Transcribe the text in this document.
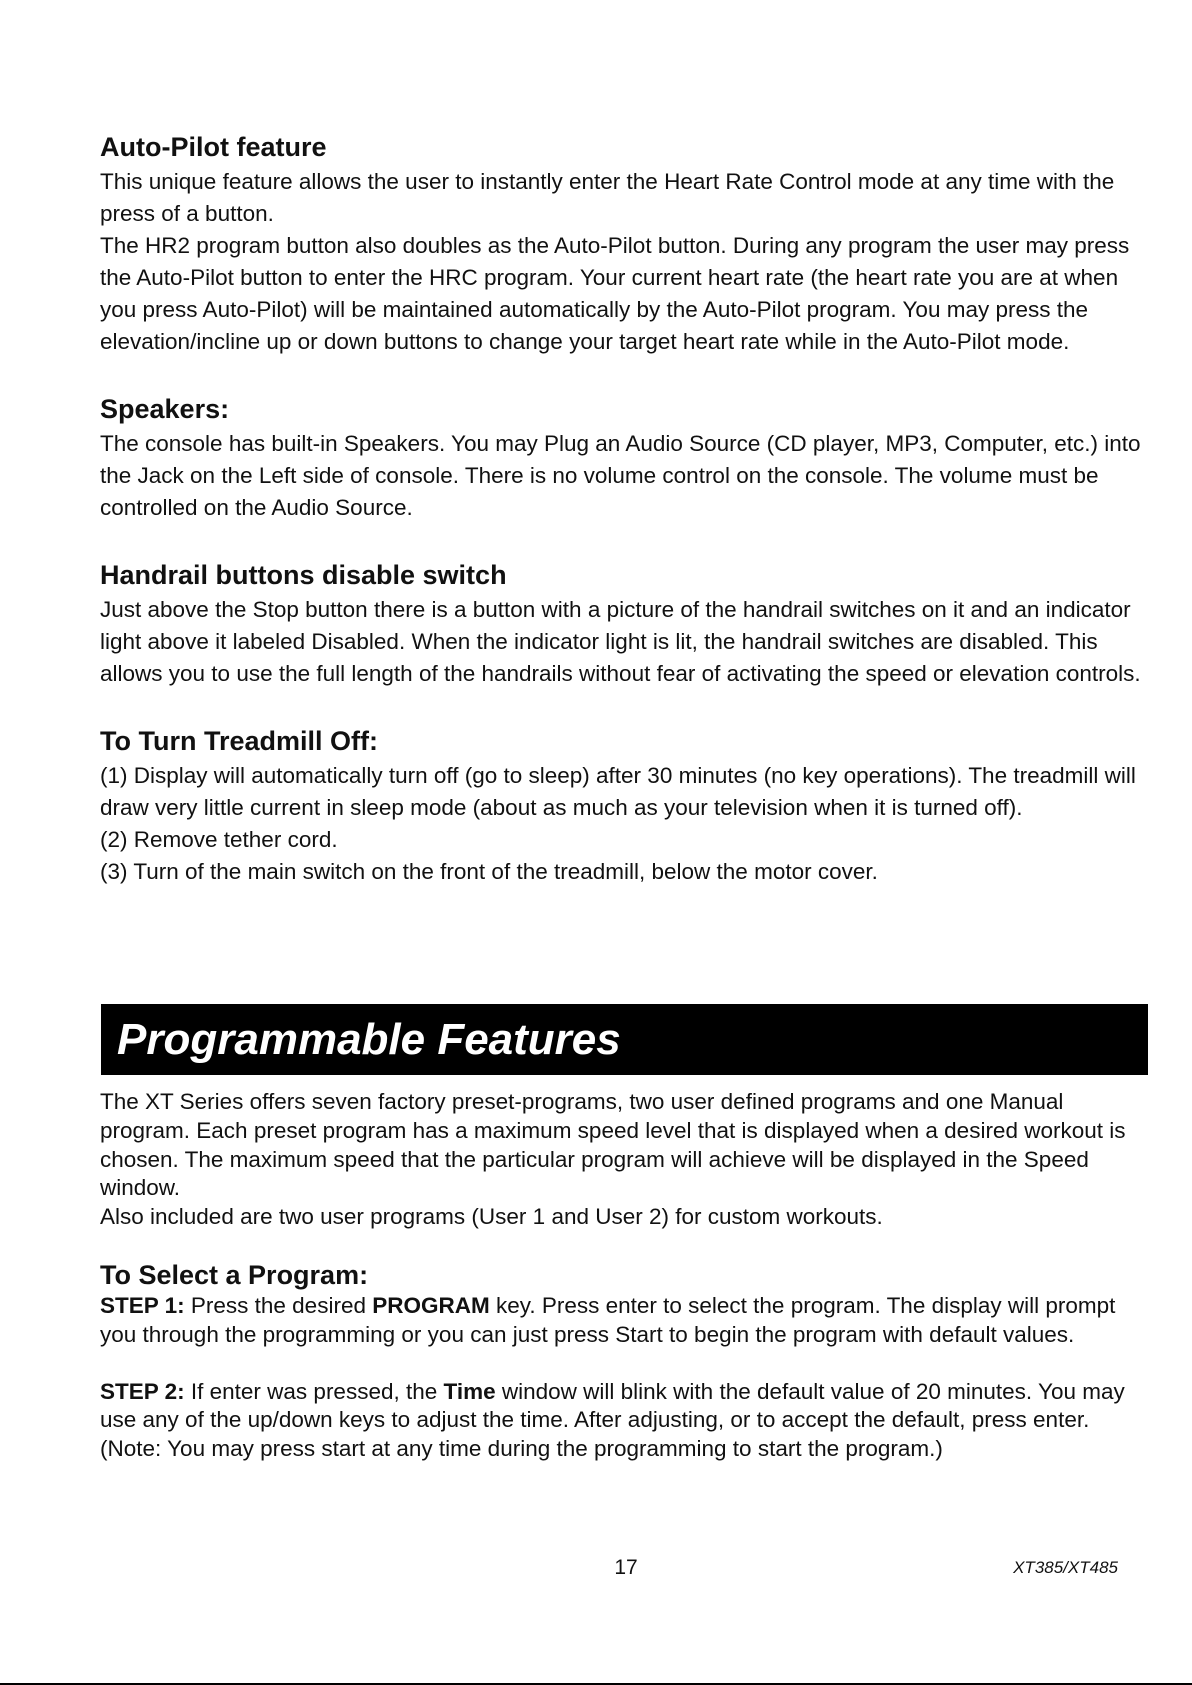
Auto-Pilot feature

This unique feature allows the user to instantly enter the Heart Rate Control mode at any time with the press of a button.

The HR2 program button also doubles as the Auto-Pilot button. During any program the user may press the Auto-Pilot button to enter the HRC program. Your current heart rate (the heart rate you are at when you press Auto-Pilot) will be maintained automatically by the Auto-Pilot program. You may press the elevation/incline up or down buttons to change your target heart rate while in the Auto-Pilot mode.

Speakers:

The console has built-in Speakers. You may Plug an Audio Source (CD player, MP3, Computer, etc.) into the Jack on the Left side of console. There is no volume control on the console. The volume must be controlled on the Audio Source.

Handrail buttons disable switch

Just above the Stop button there is a button with a picture of the handrail switches on it and an indicator light above it labeled Disabled. When the indicator light is lit, the handrail switches are disabled. This allows you to use the full length of the handrails without fear of activating the speed or elevation controls.

To Turn Treadmill Off:

(1) Display will automatically turn off (go to sleep) after 30 minutes (no key operations). The treadmill will draw very little current in sleep mode (about as much as your television when it is turned off).

(2) Remove tether cord.

(3) Turn of the main switch on the front of the treadmill, below the motor cover.

Programmable Features

The XT Series offers seven factory preset-programs, two user defined programs and one Manual program. Each preset program has a maximum speed level that is displayed when a desired workout is chosen. The maximum speed that the particular program will achieve will be displayed in the Speed window.

Also included are two user programs (User 1 and User 2) for custom workouts.

To Select a Program:

STEP 1: Press the desired PROGRAM key. Press enter to select the program. The display will prompt you through the programming or you can just press Start to begin the program with default values.

STEP 2: If enter was pressed, the Time window will blink with the default value of 20 minutes. You may use any of the up/down keys to adjust the time. After adjusting, or to accept the default, press enter. (Note: You may press start at any time during the programming to start the program.)

17	XT385/XT485
